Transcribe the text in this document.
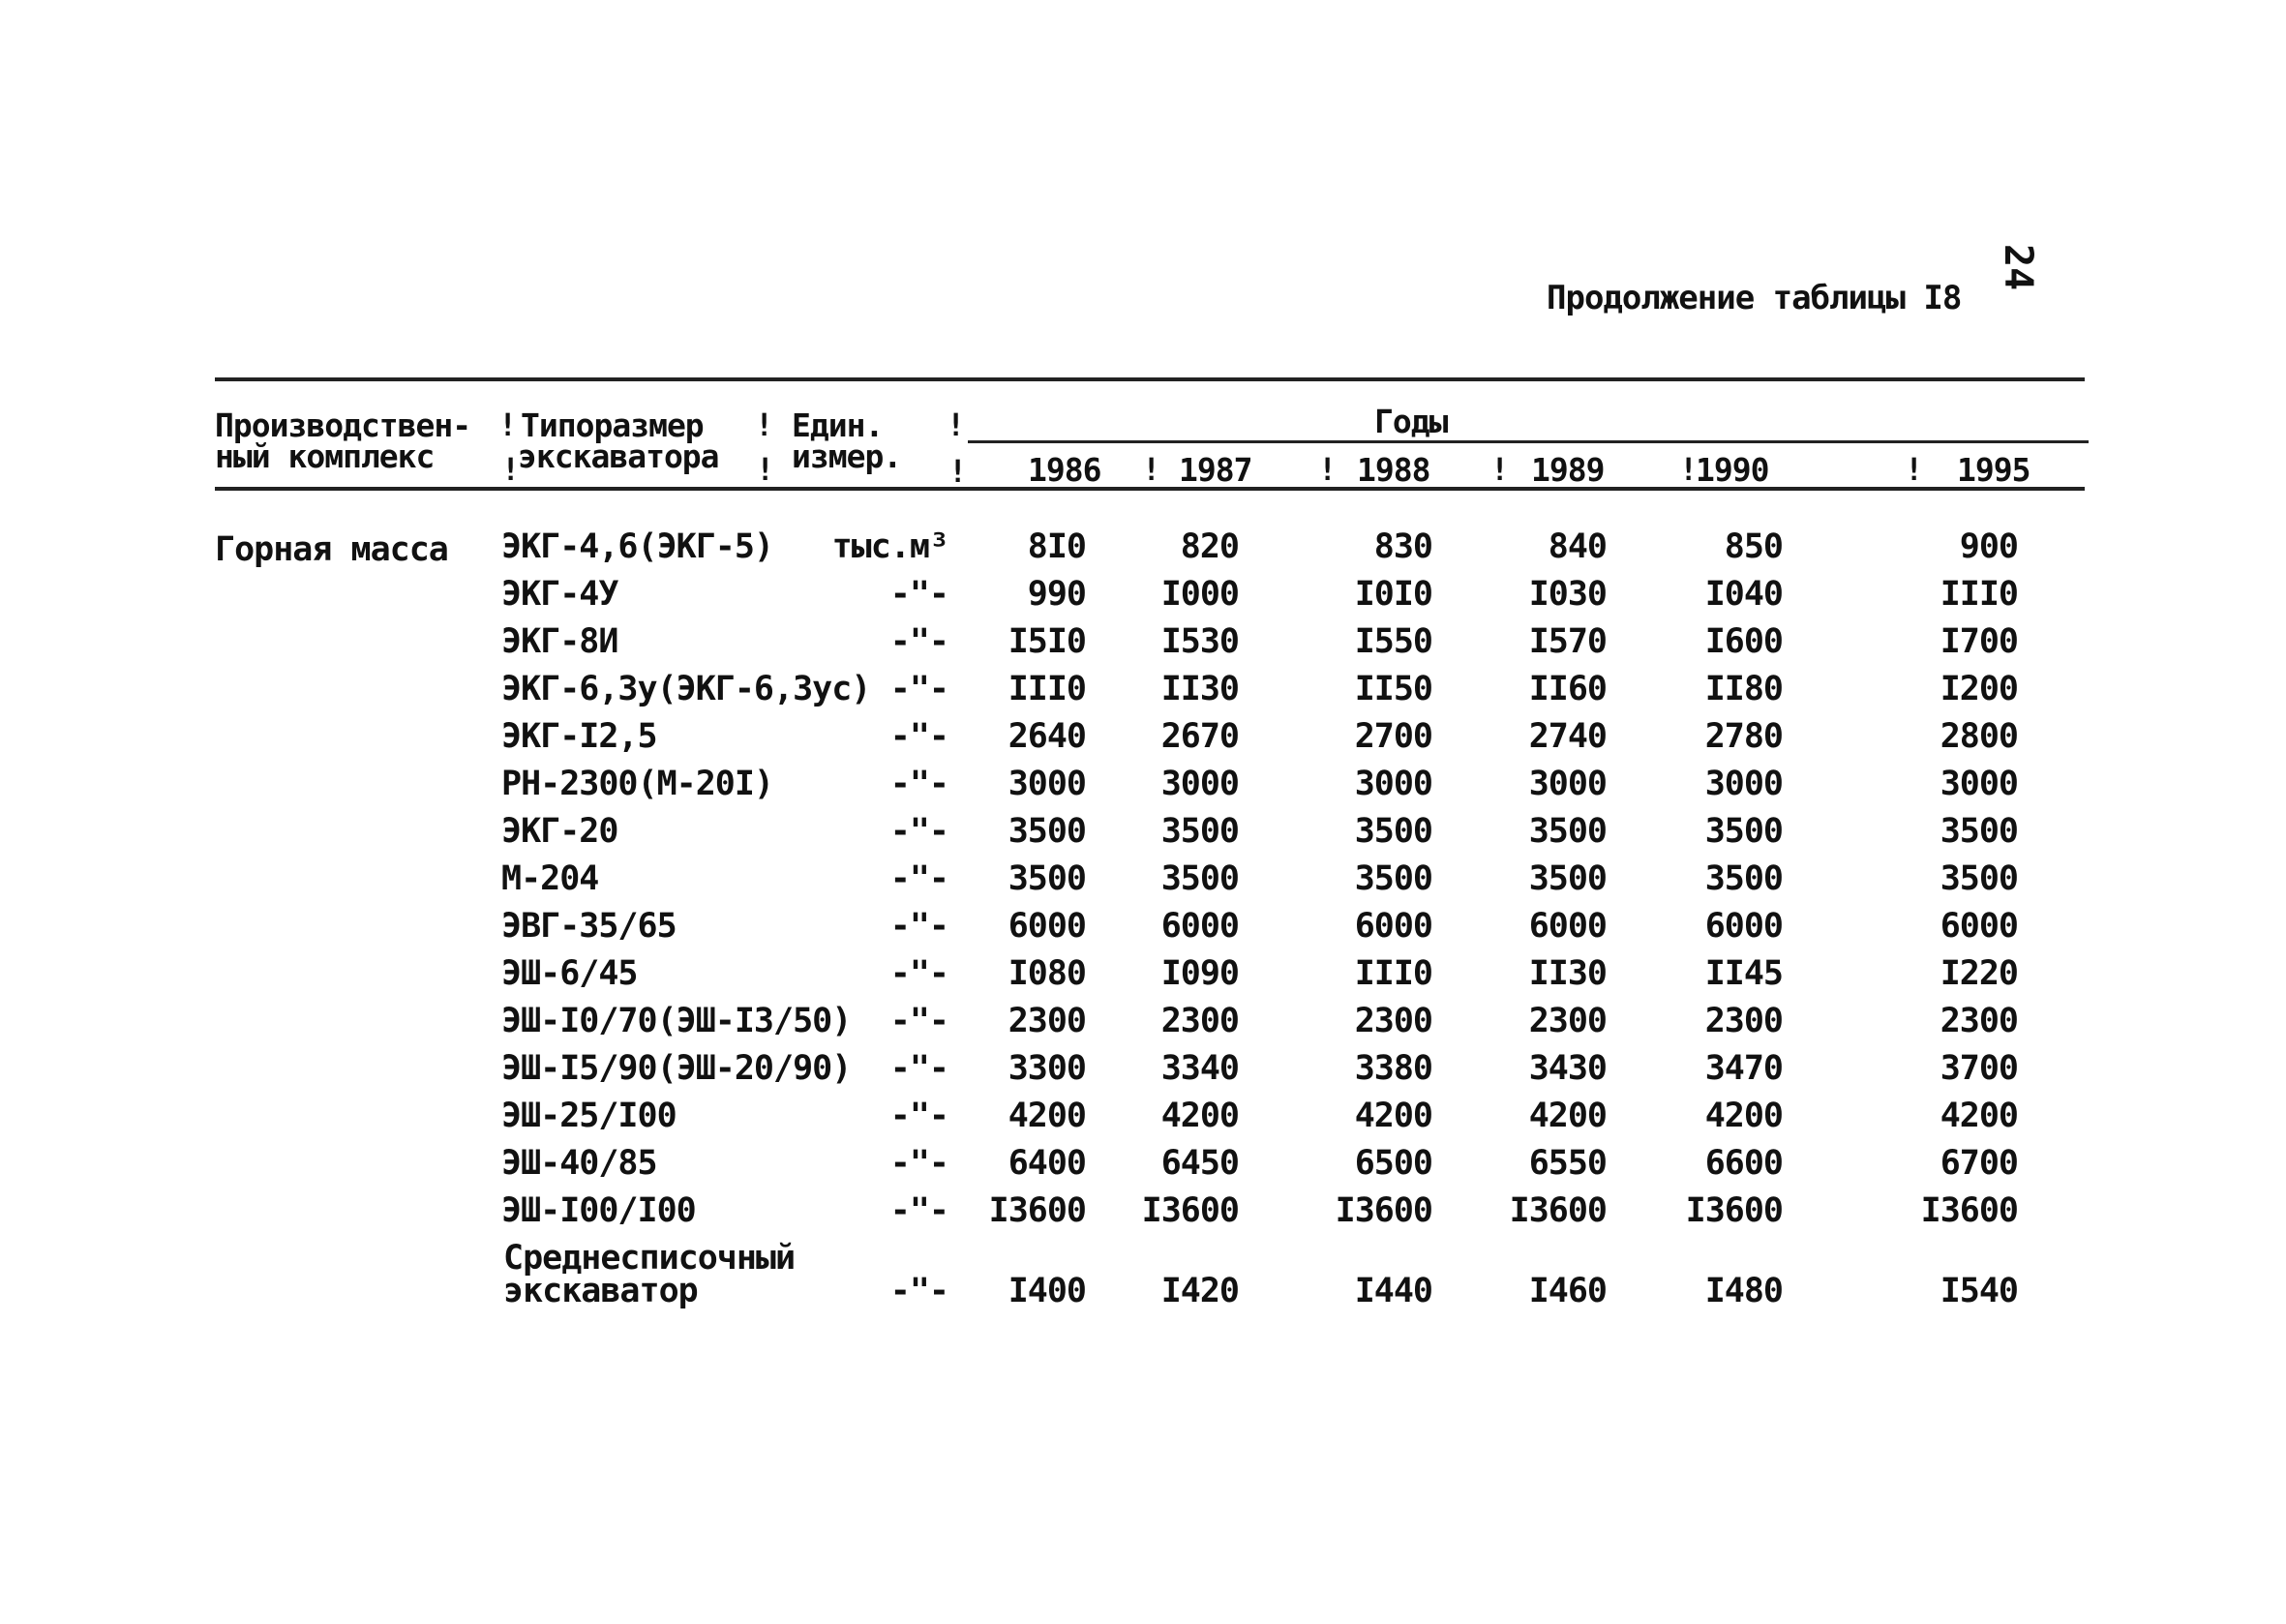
24
Продолжение таблицы I8
Производствен-
ный комплекс
! Типоразмер
!
экскаватора
! Един.
! измер.
!
!
Годы
1986 ! 1987 ! 1988 ! 1989 !
1990	! 1995
Горная масса ЭКГ-4,6(ЭКГ-5)	тыс.м³	8I0	820	830	840	850	900
ЭКГ-4У	-"-	990	I000	I0I0	I030	I040	III0
ЭКГ-8И	-"-	I5I0	I530	I550	I570	I600	I700
ЭКГ-6,3у(ЭКГ-6,3ус) -"-	III0	II30	II50	II60	II80	I200
ЭКГ-I2,5	-"-	2640	2670	2700	2740	2780	2800
РН-2300(М-20I)	-"-	3000	3000	3000	3000	3000	3000
ЭКГ-20	-"-	3500	3500	3500	3500	3500	3500
М-204	-"-	3500	3500	3500	3500	3500	3500
ЭВГ-35/65	-"-	6000	6000	6000	6000	6000	6000
ЭШ-6/45	-"-	I080	I090	III0	II30	II45	I220
ЭШ-I0/70(ЭШ-I3/50)	-"-	2300	2300	2300	2300	2300	2300
ЭШ-I5/90(ЭШ-20/90)	-"-	3300	3340	3380	3430	3470	3700
ЭШ-25/I00	-"-	4200	4200	4200	4200	4200	4200
ЭШ-40/85	-"-	6400	6450	6500	6550	6600	6700
ЭШ-I00/I00	-"-	I3600	I3600	I3600	I3600	I3600	I3600
Среднесписочный
экскаватор	-"-	I400	I420	I440	I460	I480	I540
